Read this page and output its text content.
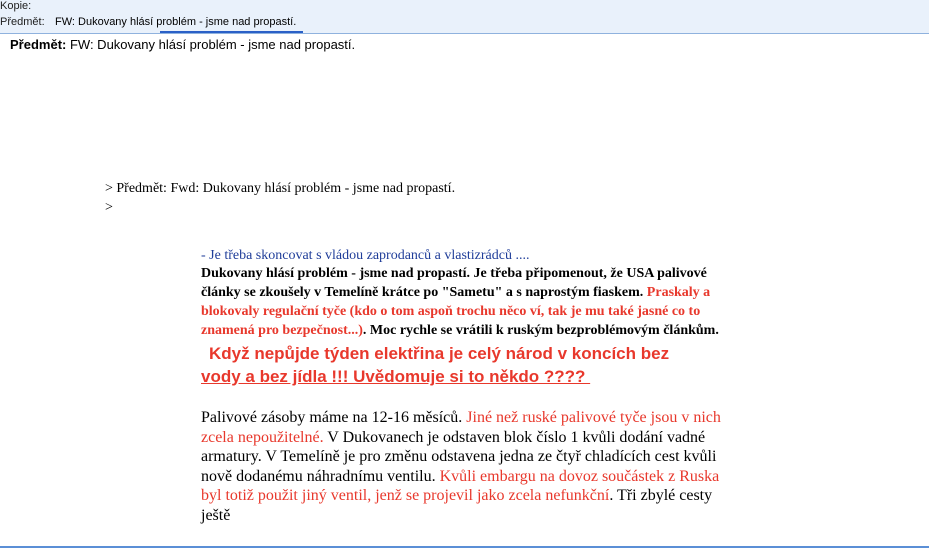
Kopie:
Předmět: FW: Dukovany hlásí problém - jsme nad propastí.
Předmět: FW: Dukovany hlásí problém - jsme nad propastí.
> Předmět: Fwd: Dukovany hlásí problém - jsme nad propastí.
>
- Je třeba skoncovat s vládou zaprodanců a vlastizrádců ....
Dukovany hlásí problém - jsme nad propastí. Je třeba připomenout, že USA palivové články se zkoušely v Temelíně krátce po "Sametu" a s naprostým fiaskem. Praskaly a blokovaly regulační tyče (kdo o tom aspoň trochu něco ví, tak je mu také jasné co to znamená pro bezpečnost...). Moc rychle se vrátili k ruským bezproblémovým článkům.
Když nepůjde týden elektřina je celý národ v koncích bez
vody a bez jídla !!! Uvědomuje si to někdo ????
Palivové zásoby máme na 12-16 měsíců. Jiné než ruské palivové tyče jsou v nich zcela nepoužitelné. V Dukovanech je odstaven blok číslo 1 kvůli dodání vadné armatury. V Temelíně je pro změnu odstavena jedna ze čtyř chladících cest kvůli nově dodanému náhradnímu ventilu. Kvůli embargu na dovoz součástek z Ruska byl totiž použit jiný ventil, jenž se projevil jako zcela nefunkční. Tři zbylé cesty ještě
